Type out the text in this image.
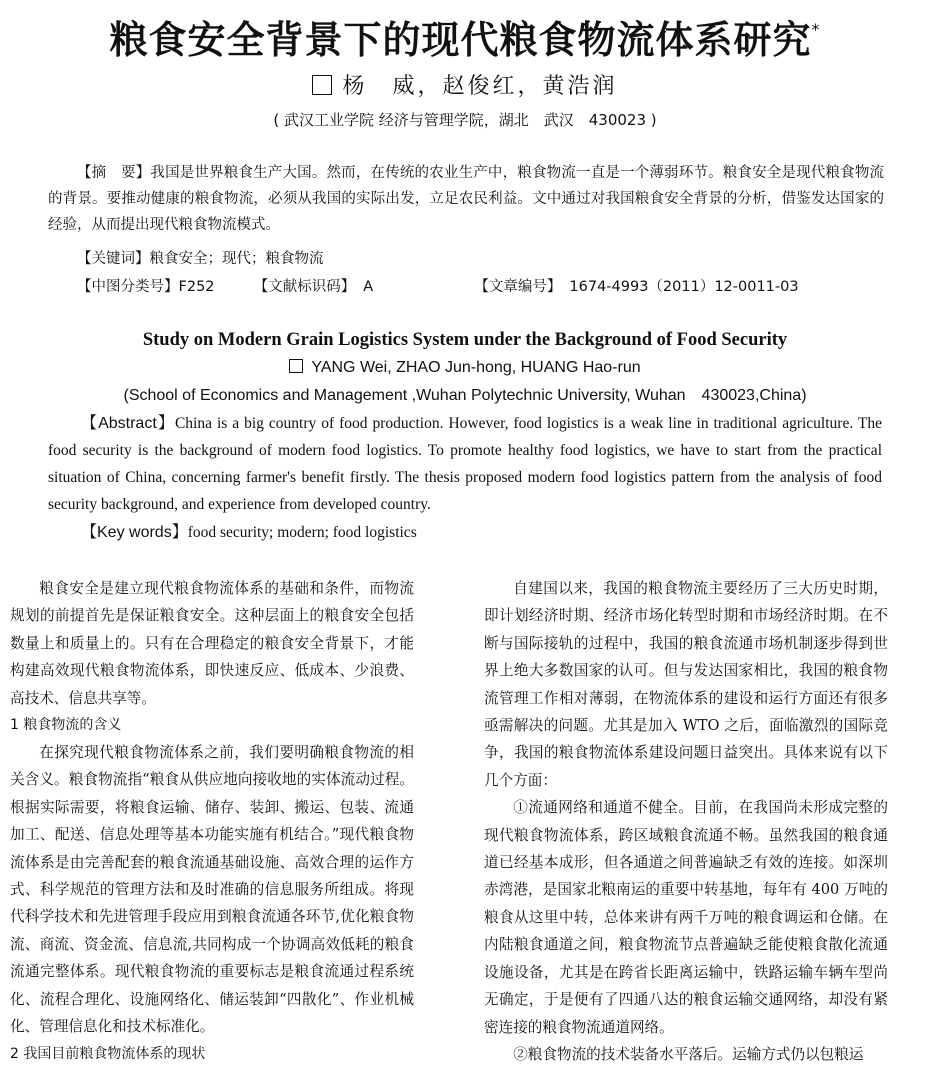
粮食安全背景下的现代粮食物流体系研究*
杨　威，赵俊红，黄浩润
( 武汉工业学院 经济与管理学院，湖北　武汉　430023 )
【摘　要】我国是世界粮食生产大国。然而，在传统的农业生产中，粮食物流一直是一个薄弱环节。粮食安全是现代粮食物流的背景。要推动健康的粮食物流，必须从我国的实际出发，立足农民利益。文中通过对我国粮食安全背景的分析，借鉴发达国家的经验，从而提出现代粮食物流模式。
【关键词】粮食安全；现代；粮食物流
【中图分类号】F252	【文献标识码】 A	【文章编号】 1674-4993（2011）12-0011-03
Study on Modern Grain Logistics System under the Background of Food Security
YANG Wei, ZHAO Jun-hong, HUANG Hao-run
(School of Economics and Management ,Wuhan Polytechnic University, Wuhan　430023,China)
【Abstract】China is a big country of food production. However, food logistics is a weak line in traditional agriculture. The food security is the background of modern food logistics. To promote healthy food logistics, we have to start from the practical situation of China, concerning farmer's benefit firstly. The thesis proposed modern food logistics pattern from the analysis of food security background, and experience from developed country.
【Key words】food security; modern; food logistics

粮食安全是建立现代粮食物流体系的基础和条件，而物流规划的前提首先是保证粮食安全。这种层面上的粮食安全包括数量上和质量上的。只有在合理稳定的粮食安全背景下，才能构建高效现代粮食物流体系，即快速反应、低成本、少浪费、高技术、信息共享等。

1 粮食物流的含义

在探究现代粮食物流体系之前，我们要明确粮食物流的相关含义。粮食物流指“粮食从供应地向接收地的实体流动过程。根据实际需要，将粮食运输、储存、装卸、搬运、包装、流通加工、配送、信息处理等基本功能实施有机结合。”现代粮食物流体系是由完善配套的粮食流通基础设施、高效合理的运作方式、科学规范的管理方法和及时准确的信息服务所组成。将现代科学技术和先进管理手段应用到粮食流通各环节,优化粮食物流、商流、资金流、信息流,共同构成一个协调高效低耗的粮食流通完整体系。现代粮食物流的重要标志是粮食流通过程系统化、流程合理化、设施网络化、储运装卸“四散化”、作业机械化、管理信息化和技术标准化。

2 我国目前粮食物流体系的现状

自建国以来，我国的粮食物流主要经历了三大历史时期，即计划经济时期、经济市场化转型时期和市场经济时期。在不断与国际接轨的过程中，我国的粮食流通市场机制逐步得到世界上绝大多数国家的认可。但与发达国家相比，我国的粮食物流管理工作相对薄弱，在物流体系的建设和运行方面还有很多亟需解决的问题。尤其是加入 WTO 之后，面临激烈的国际竞争，我国的粮食物流体系建设问题日益突出。具体来说有以下几个方面：

①流通网络和通道不健全。目前，在我国尚未形成完整的现代粮食物流体系，跨区域粮食流通不畅。虽然我国的粮食通道已经基本成形，但各通道之间普遍缺乏有效的连接。如深圳赤湾港，是国家北粮南运的重要中转基地，每年有 400 万吨的粮食从这里中转，总体来讲有两千万吨的粮食调运和仓储。在内陆粮食通道之间，粮食物流节点普遍缺乏能使粮食散化流通设施设备，尤其是在跨省长距离运输中，铁路运输车辆车型尚无确定，于是便有了四通八达的粮食运输交通网络，却没有紧密连接的粮食物流通道网络。

②粮食物流的技术装备水平落后。运输方式仍以包粮运
